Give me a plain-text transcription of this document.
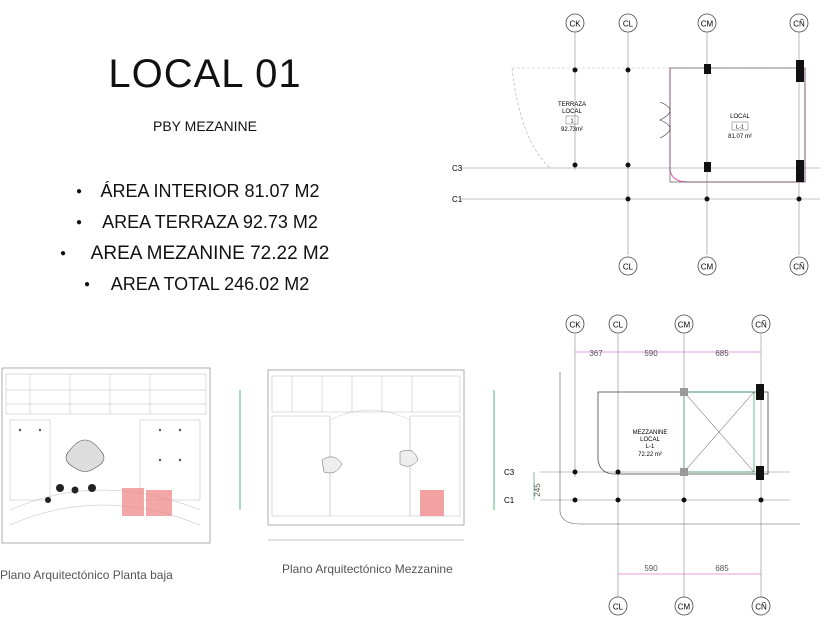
LOCAL 01
PBY MEZANINE
● ÁREA INTERIOR 81.07 M2
● AREA TERRAZA 92.73 M2
● AREA MEZANINE 72.22 M2
● AREA TOTAL 246.02 M2
CK	CL	CM	CÑ
TERRAZA
LOCAL
1
92.73m²
LOCAL
L-1
81.07 m²
C3
C1
CL	CM	CÑ
Plano Arquitectónico Planta baja	Plano Arquitectónico Mezzanine
CK	CL	CM	CÑ
367	590	685
MEZZANINE
LOCAL
L-1
72.22 m²
C3
C1
245
590	685
CL	CM	CÑ
